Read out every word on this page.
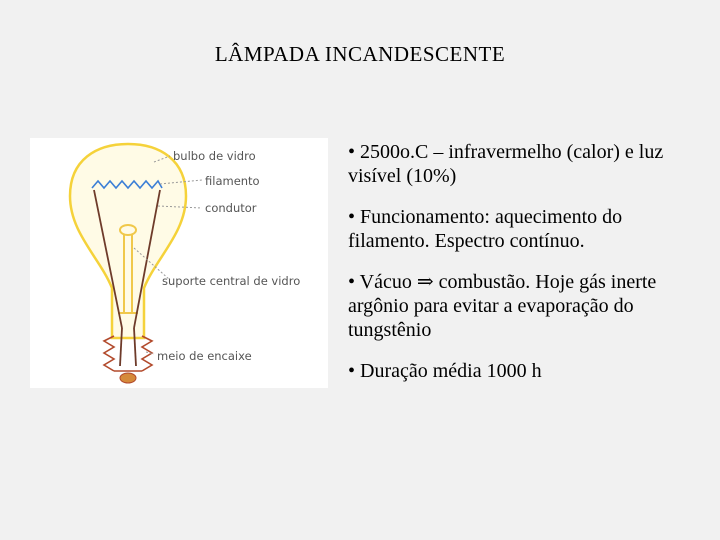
LÂMPADA INCANDESCENTE
bulbo de vidro
filamento
condutor
suporte central de vidro
meio de encaixe

• 2500o.C – infravermelho (calor) e luz visível (10%)

• Funcionamento: aquecimento do filamento. Espectro contínuo.

• Vácuo ⇒ combustão. Hoje gás inerte argônio para evitar a evaporação do tungstênio

• Duração média 1000 h
